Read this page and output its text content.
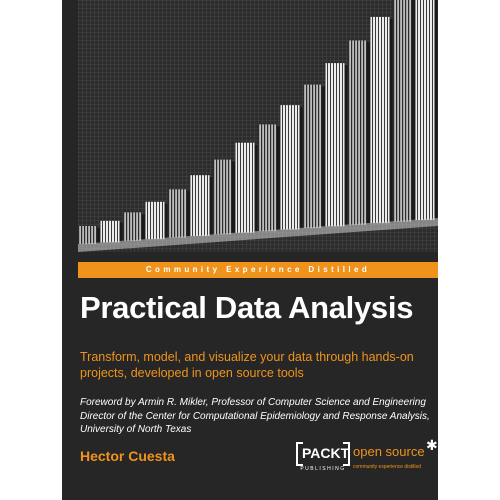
Community Experience Distilled
Practical Data Analysis

Transform, model, and visualize your data through hands-on projects, developed in open source tools

Foreword by Armin R. Mikler, Professor of Computer Science and Engineering
Director of the Center for Computational Epidemiology and Response Analysis,
University of North Texas

Hector Cuesta	PACKT
PUBLISHING
open source ✱
community experience distilled
